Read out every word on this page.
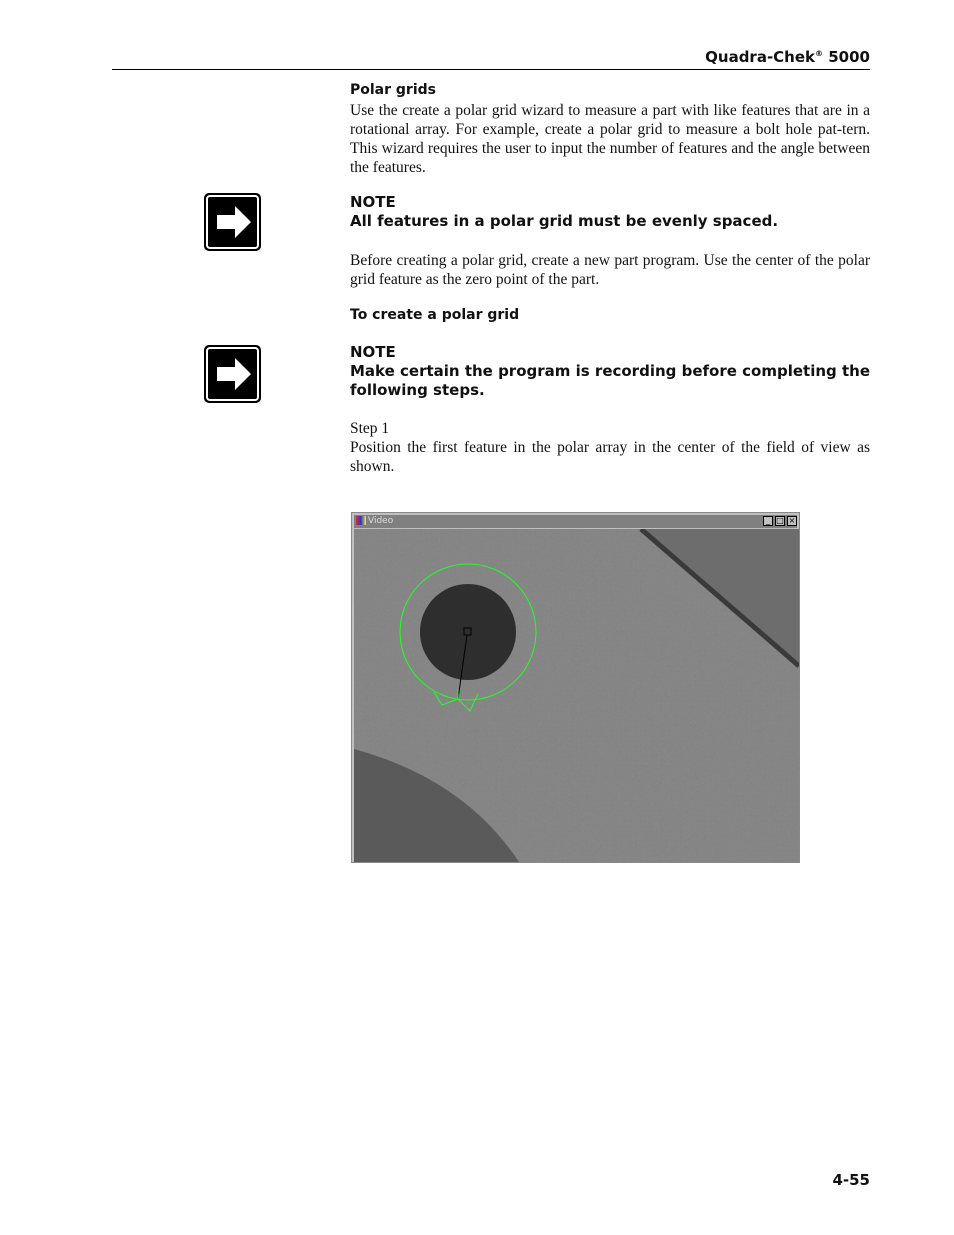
Quadra-Chek® 5000
Polar grids
Use the create a polar grid wizard to measure a part with like features that are in a rotational array. For example, create a polar grid to measure a bolt hole pat-tern. This wizard requires the user to input the number of features and the angle between the features.
NOTE
All features in a polar grid must be evenly spaced.
Before creating a polar grid, create a new part program. Use the center of the polar grid feature as the zero point of the part.
To create a polar grid
NOTE
Make certain the program is recording before completing the following steps.
Step 1
Position the first feature in the polar array in the center of the field of view as shown.
Video	_ □ ×
4-55
